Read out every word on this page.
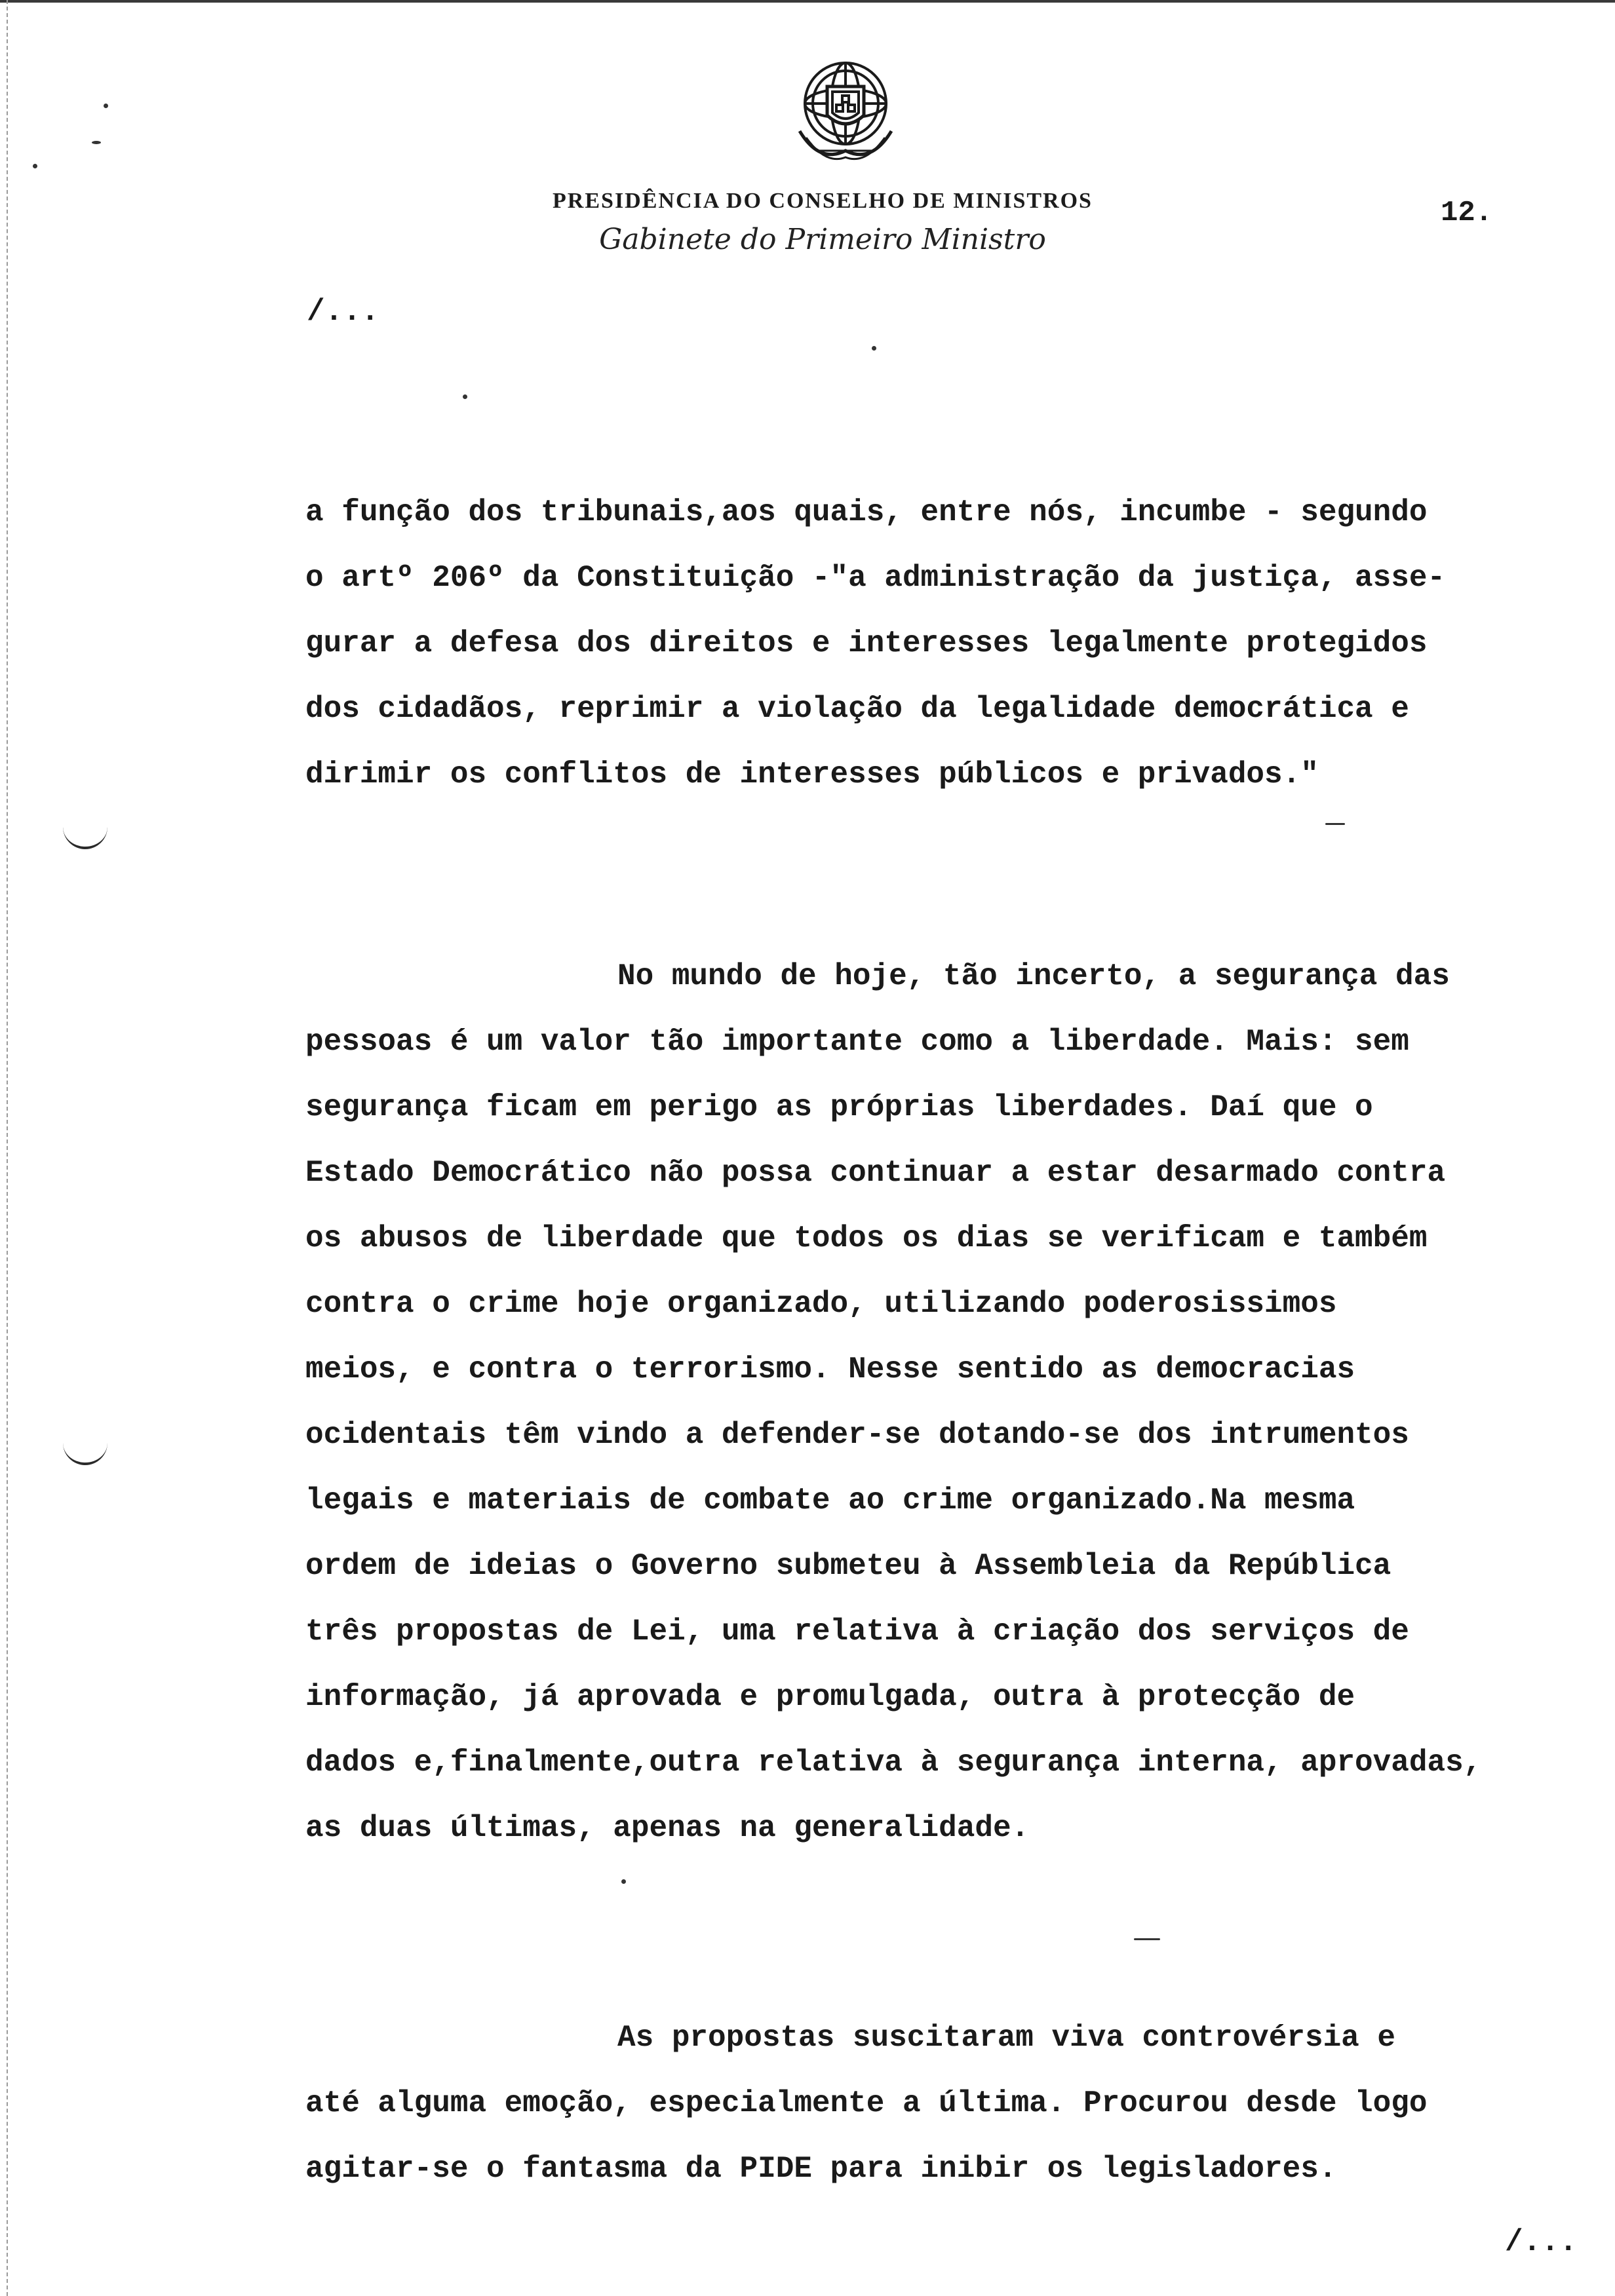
PRESIDÊNCIA DO CONSELHO DE MINISTROS
Gabinete do Primeiro Ministro
12.
/...
a função dos tribunais,aos quais, entre nós, incumbe - segundo
o artº 206º da Constituição -"a administração da justiça, asse-
gurar a defesa dos direitos e interesses legalmente protegidos
dos cidadãos, reprimir a violação da legalidade democrática e
dirimir os conflitos de interesses públicos e privados."
No mundo de hoje, tão incerto, a segurança das
pessoas é um valor tão importante como a liberdade. Mais: sem
segurança ficam em perigo as próprias liberdades. Daí que o
Estado Democrático não possa continuar a estar desarmado contra
os abusos de liberdade que todos os dias se verificam e também
contra o crime hoje organizado, utilizando poderosissimos
meios, e contra o terrorismo. Nesse sentido as democracias
ocidentais têm vindo a defender-se dotando-se dos intrumentos
legais e materiais de combate ao crime organizado.Na mesma
ordem de ideias o Governo submeteu à Assembleia da República
três propostas de Lei, uma relativa à criação dos serviços de
informação, já aprovada e promulgada, outra à protecção de
dados e,finalmente,outra relativa à segurança interna, aprovadas,
as duas últimas, apenas na generalidade.
As propostas suscitaram viva controvérsia e
até alguma emoção, especialmente a última. Procurou desde logo
agitar-se o fantasma da PIDE para inibir os legisladores.
/...
